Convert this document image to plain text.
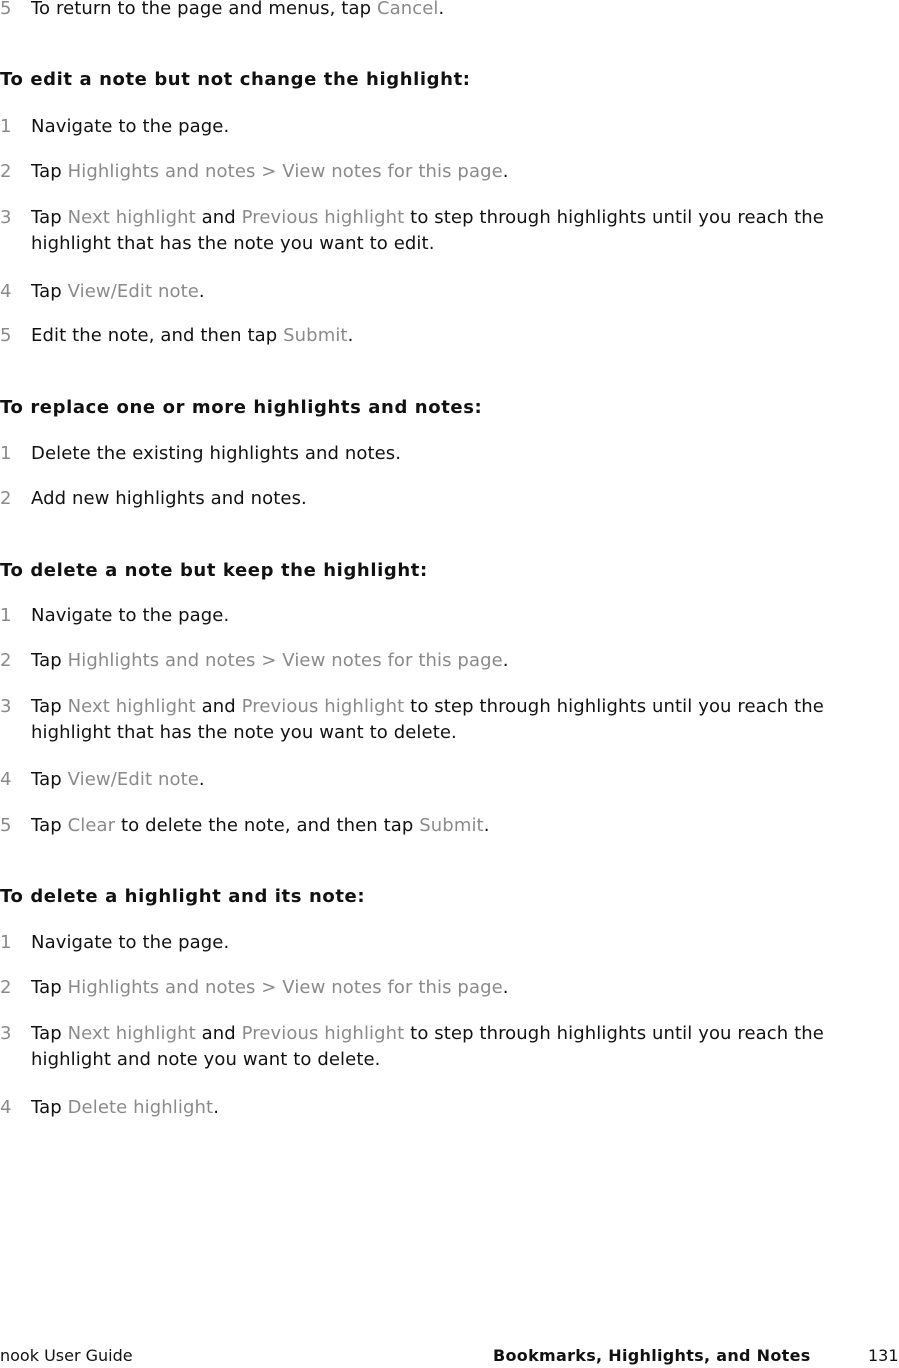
5	To return to the page and menus, tap Cancel.
To edit a note but not change the highlight:
1	Navigate to the page.
2	Tap Highlights and notes > View notes for this page.
3	Tap Next highlight and Previous highlight to step through highlights until you reach the highlight that has the note you want to edit.
4	Tap View/Edit note.
5	Edit the note, and then tap Submit.
To replace one or more highlights and notes:
1	Delete the existing highlights and notes.
2	Add new highlights and notes.
To delete a note but keep the highlight:
1	Navigate to the page.
2	Tap Highlights and notes > View notes for this page.
3	Tap Next highlight and Previous highlight to step through highlights until you reach the highlight that has the note you want to delete.
4	Tap View/Edit note.
5	Tap Clear to delete the note, and then tap Submit.
To delete a highlight and its note:
1	Navigate to the page.
2	Tap Highlights and notes > View notes for this page.
3	Tap Next highlight and Previous highlight to step through highlights until you reach the highlight and note you want to delete.
4	Tap Delete highlight.
nook User Guide	Bookmarks, Highlights, and Notes	131
